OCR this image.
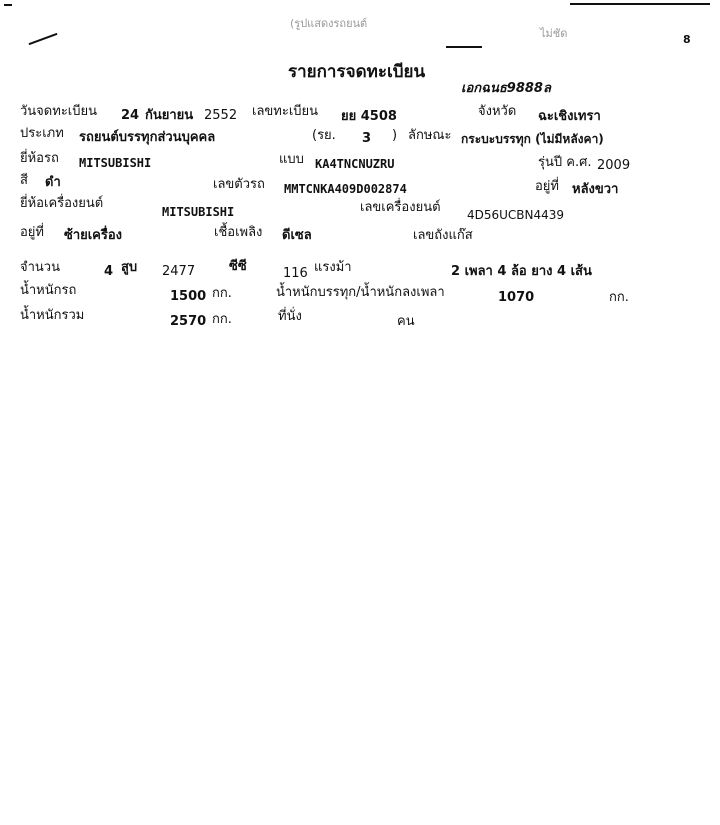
(รูปแสดงรถยนต์
ไม่ชัด	8
รายการจดทะเบียน
เอกฉนธ9888ล
วันจดทะเบียน 24 กันยายน 2552 เลขทะเบียน ยย 4508	จังหวัด ฉะเชิงเทรา
ประเภท รถยนต์บรรทุกส่วนบุคคล	(รย. 3 ) ลักษณะ กระบะบรรทุก (ไม่มีหลังคา)
ยี่ห้อรถ MITSUBISHI	แบบ KA4TNCNUZRU	รุ่นปี ค.ศ. 2009
สี ดำ	เลขตัวรถ MMTCNKA409D002874	อยู่ที่ หลังขวา
ยี่ห้อเครื่องยนต์
MITSUBISHI	เลขเครื่องยนต์ 4D56UCBN4439
อยู่ที่ ซ้ายเครื่อง	เชื้อเพลิง ดีเซล	เลขถังแก๊ส
จำนวน	4 สูบ 2477	ซีซี	116 แรงม้า	2 เพลา 4 ล้อ ยาง 4 เส้น
น้ำหนักรถ	1500 กก.	น้ำหนักบรรทุก/น้ำหนักลงเพลา	1070	กก.
น้ำหนักรวม	2570 กก.	ที่นั่ง	คน
